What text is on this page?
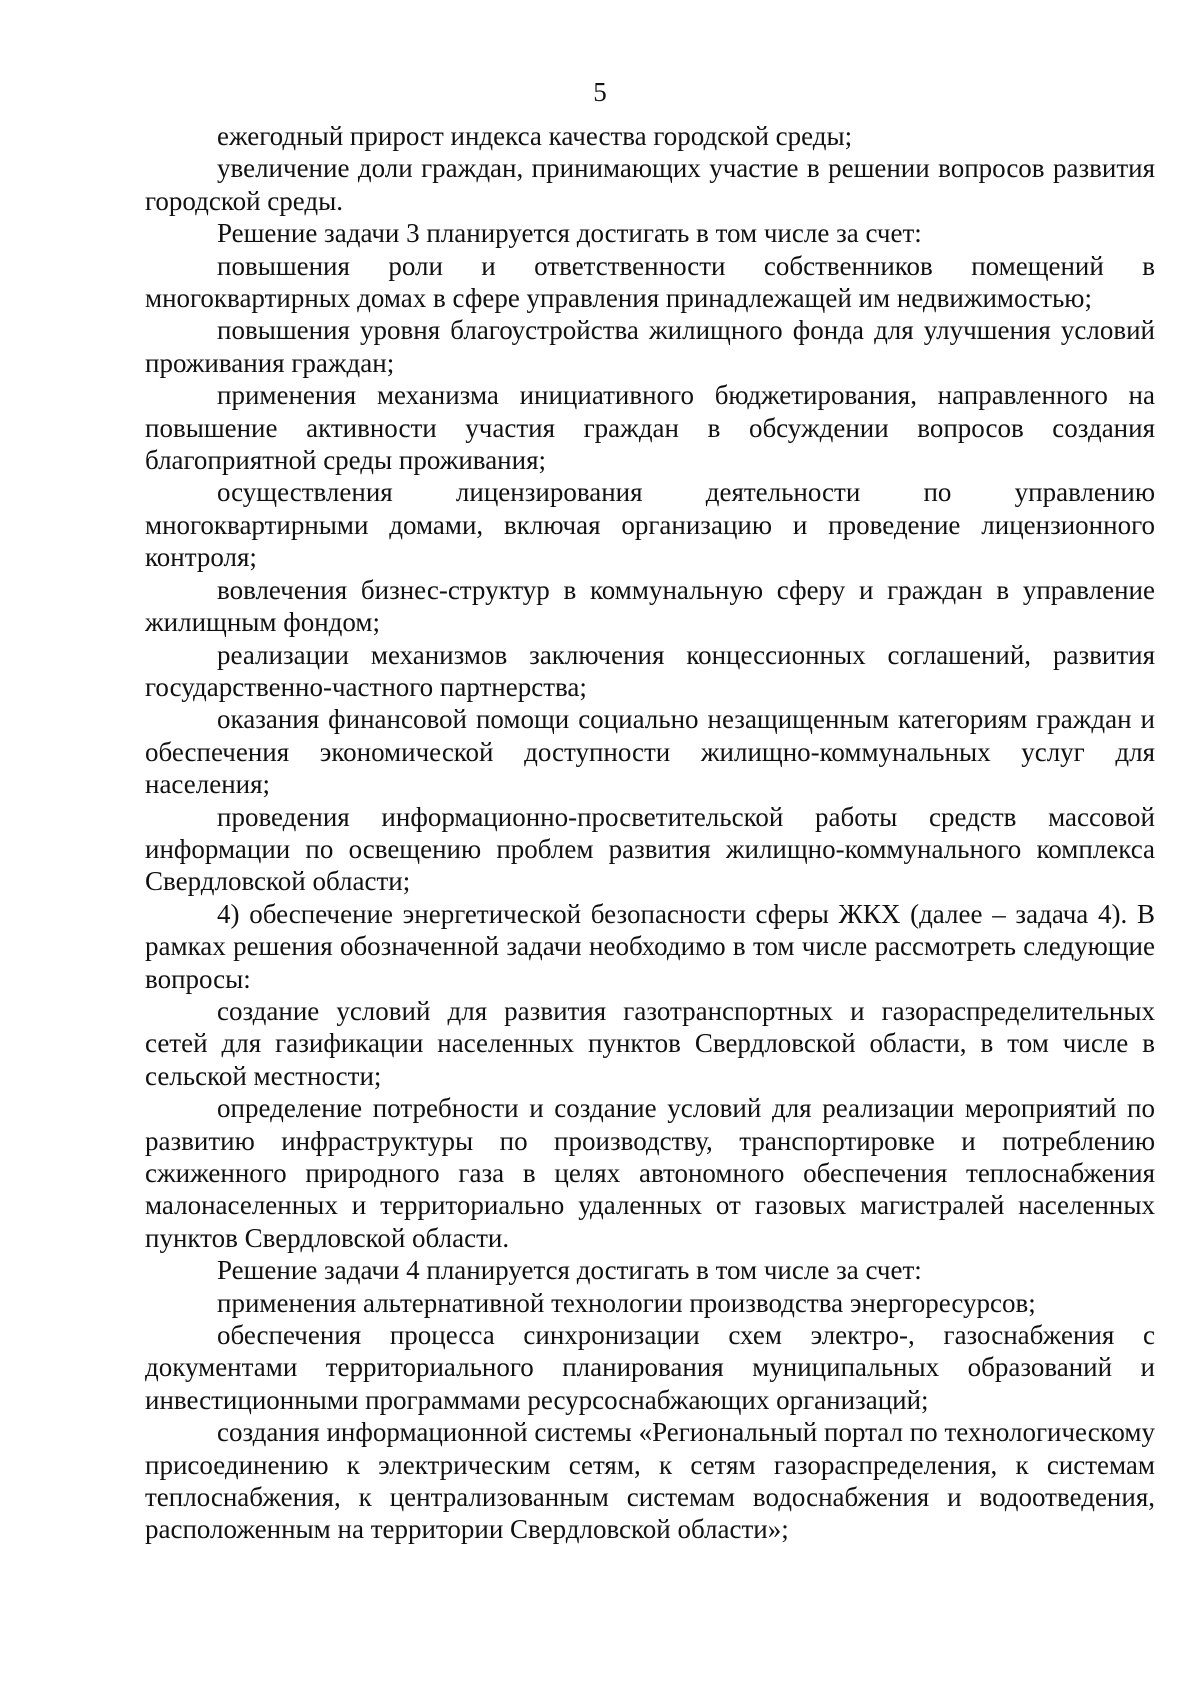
5

ежегодный прирост индекса качества городской среды;

увеличение доли граждан, принимающих участие в решении вопросов развития городской среды.

Решение задачи 3 планируется достигать в том числе за счет:

повышения роли и ответственности собственников помещений в многоквартирных домах в сфере управления принадлежащей им недвижимостью;

повышения уровня благоустройства жилищного фонда для улучшения условий проживания граждан;

применения механизма инициативного бюджетирования, направленного на повышение активности участия граждан в обсуждении вопросов создания благоприятной среды проживания;

осуществления лицензирования деятельности по управлению многоквартирными домами, включая организацию и проведение лицензионного контроля;

вовлечения бизнес-структур в коммунальную сферу и граждан в управление жилищным фондом;

реализации механизмов заключения концессионных соглашений, развития государственно-частного партнерства;

оказания финансовой помощи социально незащищенным категориям граждан и обеспечения экономической доступности жилищно-коммунальных услуг для населения;

проведения информационно-просветительской работы средств массовой информации по освещению проблем развития жилищно-коммунального комплекса Свердловской области;

4) обеспечение энергетической безопасности сферы ЖКХ (далее – задача 4). В рамках решения обозначенной задачи необходимо в том числе рассмотреть следующие вопросы:

создание условий для развития газотранспортных и газораспределительных сетей для газификации населенных пунктов Свердловской области, в том числе в сельской местности;

определение потребности и создание условий для реализации мероприятий по развитию инфраструктуры по производству, транспортировке и потреблению сжиженного природного газа в целях автономного обеспечения теплоснабжения малонаселенных и территориально удаленных от газовых магистралей населенных пунктов Свердловской области.

Решение задачи 4 планируется достигать в том числе за счет:

применения альтернативной технологии производства энергоресурсов;

обеспечения процесса синхронизации схем электро-, газоснабжения с документами территориального планирования муниципальных образований и инвестиционными программами ресурсоснабжающих организаций;

создания информационной системы «Региональный портал по технологическому присоединению к электрическим сетям, к сетям газораспределения, к системам теплоснабжения, к централизованным системам водоснабжения и водоотведения, расположенным на территории Свердловской области»;
